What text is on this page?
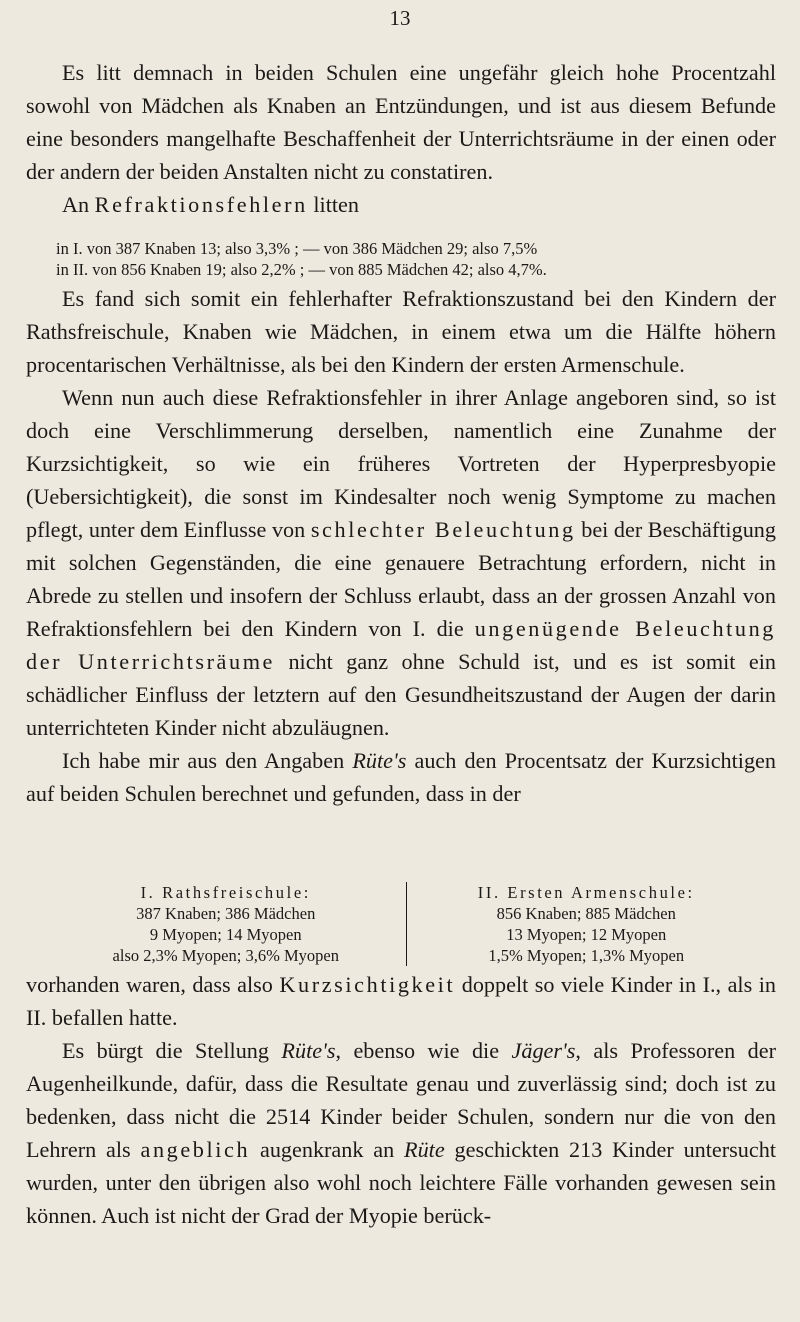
13

Es litt demnach in beiden Schulen eine ungefähr gleich hohe Procentzahl sowohl von Mädchen als Knaben an Entzündungen, und ist aus diesem Befunde eine besonders mangelhafte Beschaffenheit der Unterrichtsräume in der einen oder der andern der beiden Anstalten nicht zu constatiren.

An Refraktionsfehlern litten

in I. von 387 Knaben 13; also 3,3% ; — von 386 Mädchen 29; also 7,5%
in II. von 856 Knaben 19; also 2,2% ; — von 885 Mädchen 42; also 4,7%.

Es fand sich somit ein fehlerhafter Refraktionszustand bei den Kindern der Rathsfreischule, Knaben wie Mädchen, in einem etwa um die Hälfte höhern procentarischen Verhältnisse, als bei den Kindern der ersten Armenschule.

Wenn nun auch diese Refraktionsfehler in ihrer Anlage angeboren sind, so ist doch eine Verschlimmerung derselben, namentlich eine Zunahme der Kurzsichtigkeit, so wie ein früheres Vortreten der Hyperpresbyopie (Uebersichtigkeit), die sonst im Kindesalter noch wenig Symptome zu machen pflegt, unter dem Einflusse von schlechter Beleuchtung bei der Beschäftigung mit solchen Gegenständen, die eine genauere Betrachtung erfordern, nicht in Abrede zu stellen und insofern der Schluss erlaubt, dass an der grossen Anzahl von Refraktionsfehlern bei den Kindern von I. die ungenügende Beleuchtung der Unterrichtsräume nicht ganz ohne Schuld ist, und es ist somit ein schädlicher Einfluss der letztern auf den Gesundheitszustand der Augen der darin unterrichteten Kinder nicht abzuläugnen.

Ich habe mir aus den Angaben Rüte's auch den Procentsatz der Kurzsichtigen auf beiden Schulen berechnet und gefunden, dass in der

I. Rathsfreischule:
387 Knaben; 386 Mädchen
9 Myopen; 14 Myopen
also 2,3% Myopen; 3,6% Myopen
II. Ersten Armenschule:
856 Knaben; 885 Mädchen
13 Myopen; 12 Myopen
1,5% Myopen; 1,3% Myopen

vorhanden waren, dass also Kurzsichtigkeit doppelt so viele Kinder in I., als in II. befallen hatte.

Es bürgt die Stellung Rüte's, ebenso wie die Jäger's, als Professoren der Augenheilkunde, dafür, dass die Resultate genau und zuverlässig sind; doch ist zu bedenken, dass nicht die 2514 Kinder beider Schulen, sondern nur die von den Lehrern als angeblich augenkrank an Rüte geschickten 213 Kinder untersucht wurden, unter den übrigen also wohl noch leichtere Fälle vorhanden gewesen sein können. Auch ist nicht der Grad der Myopie berück-
